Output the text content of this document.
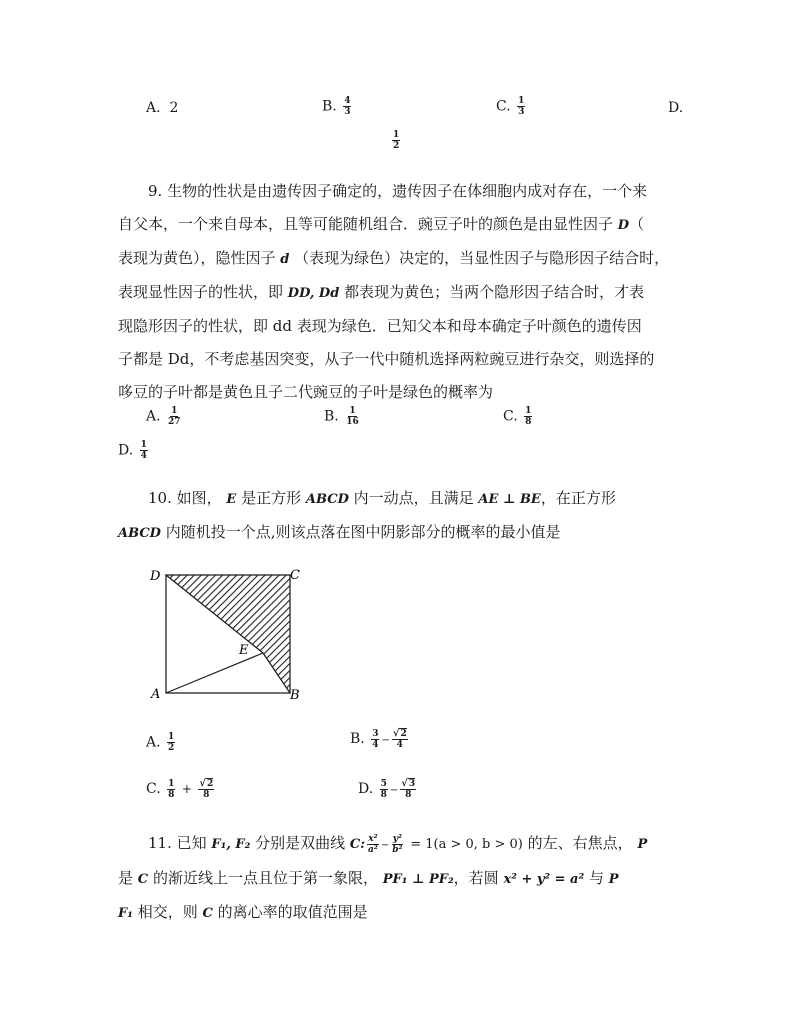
A. 2	B. $\frac{4}{3}$	C. $\frac{1}{3}$	D.
$\frac{1}{2}$
9. 生物的性状是由遗传因子确定的，遗传因子在体细胞内成对存在，一个来
自父本，一个来自母本，且等可能随机组合．豌豆子叶的颜色是由显性因子 D（
表现为黄色），隐性因子 d （表现为绿色）决定的，当显性因子与隐形因子结合时，
表现显性因子的性状，即 DD, Dd 都表现为黄色；当两个隐形因子结合时，才表
现隐形因子的性状，即 dd 表现为绿色．已知父本和母本确定子叶颜色的遗传因
子都是 Dd，不考虑基因突变，从子一代中随机选择两粒豌豆进行杂交，则选择的
哆豆的子叶都是黄色且子二代豌豆的子叶是绿色的概率为
A. $\frac{1}{27}$	B. $\frac{1}{16}$	C. $\frac{1}{8}$
D. $\frac{1}{4}$
10. 如图， E 是正方形 ABCD 内一动点，且满足 AE ⊥ BE，在正方形
ABCD 内随机投一个点,则该点落在图中阴影部分的概率的最小值是
D	C
A	B
E
A. $\frac{1}{2}$	B. $\frac{3}{4} - \frac{√2}{4}$
C. $\frac{1}{8} + \frac{√2}{8}$	D. $\frac{5}{8} - \frac{√3}{8}$
11. 已知 F₁, F₂ 分别是双曲线 C: $\frac{\text{x²}}{\text{a²}} - \frac{\text{y²}}{\text{b²}} = 1(a > 0$, b > 0) 的左、右焦点， P
是 C 的渐近线上一点且位于第一象限， PF₁ ⊥ PF₂，若圆 x² + y² = a² 与 P
F₁ 相交，则 C 的离心率的取值范围是
